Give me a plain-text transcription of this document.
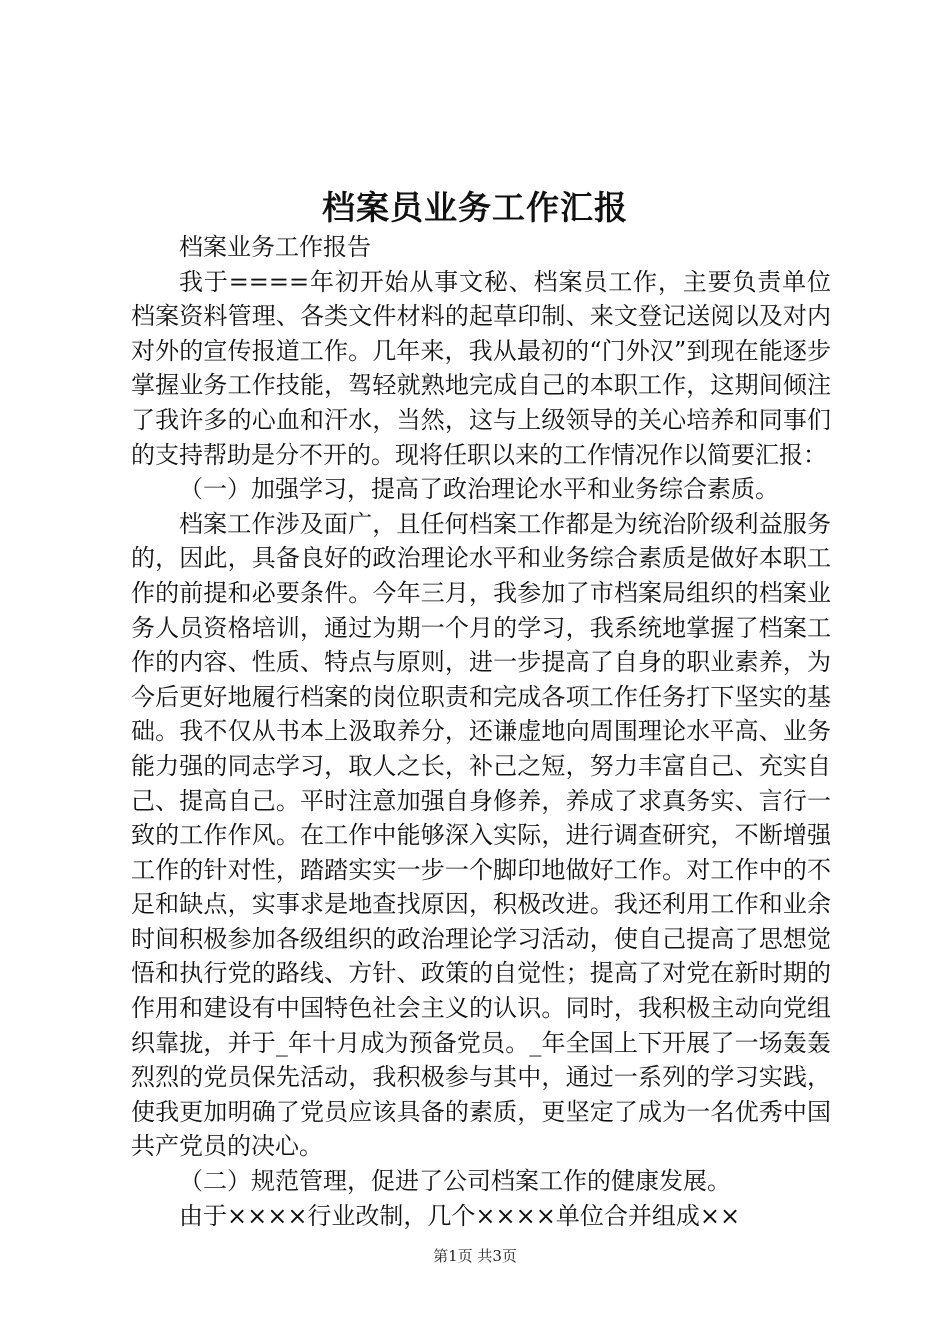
档案员业务工作汇报

档案业务工作报告

我于====年初开始从事文秘、档案员工作，主要负责单位档案资料管理、各类文件材料的起草印制、来文登记送阅以及对内对外的宣传报道工作。几年来，我从最初的“门外汉”到现在能逐步掌握业务工作技能，驾轻就熟地完成自己的本职工作，这期间倾注了我许多的心血和汗水，当然，这与上级领导的关心培养和同事们的支持帮助是分不开的。现将任职以来的工作情况作以简要汇报：

（一）加强学习，提高了政治理论水平和业务综合素质。

档案工作涉及面广，且任何档案工作都是为统治阶级利益服务的，因此，具备良好的政治理论水平和业务综合素质是做好本职工作的前提和必要条件。今年三月，我参加了市档案局组织的档案业务人员资格培训，通过为期一个月的学习，我系统地掌握了档案工作的内容、性质、特点与原则，进一步提高了自身的职业素养，为今后更好地履行档案的岗位职责和完成各项工作任务打下坚实的基础。我不仅从书本上汲取养分，还谦虚地向周围理论水平高、业务能力强的同志学习，取人之长，补己之短，努力丰富自己、充实自己、提高自己。平时注意加强自身修养，养成了求真务实、言行一致的工作作风。在工作中能够深入实际，进行调查研究，不断增强工作的针对性，踏踏实实一步一个脚印地做好工作。对工作中的不足和缺点，实事求是地查找原因，积极改进。我还利用工作和业余时间积极参加各级组织的政治理论学习活动，使自己提高了思想觉悟和执行党的路线、方针、政策的自觉性；提高了对党在新时期的作用和建设有中国特色社会主义的认识。同时，我积极主动向党组织靠拢，并于_年十月成为预备党员。_年全国上下开展了一场轰轰烈烈的党员保先活动，我积极参与其中，通过一系列的学习实践，使我更加明确了党员应该具备的素质，更坚定了成为一名优秀中国共产党员的决心。

（二）规范管理，促进了公司档案工作的健康发展。

由于××××行业改制，几个××××单位合并组成××

第1页 共3页
